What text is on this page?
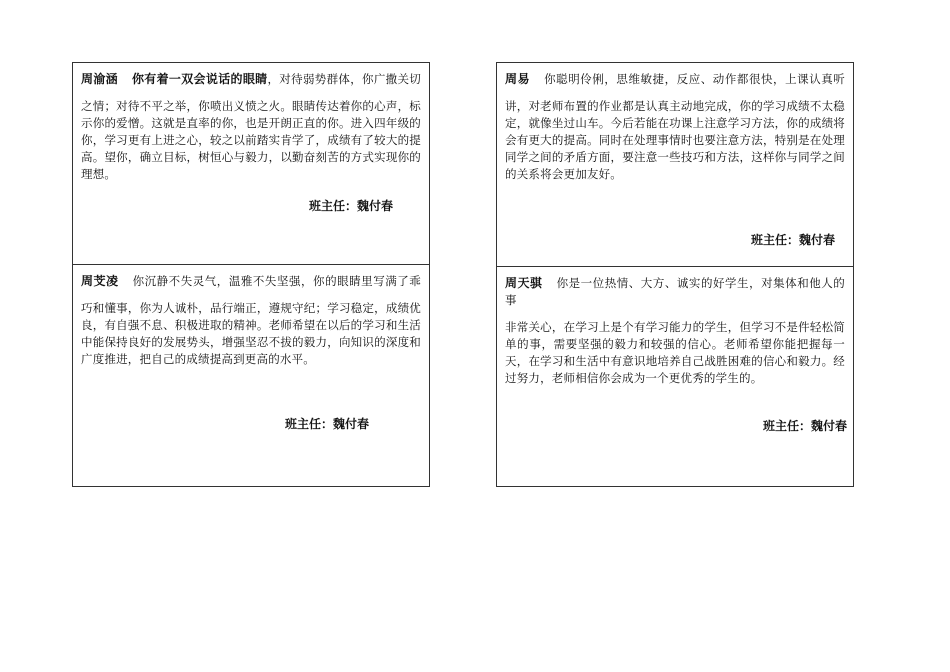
周渝涵 你有着一双会说话的眼睛，对待弱势群体，你广撒关切
之情；对待不平之举，你喷出义愤之火。眼睛传达着你的心声，标示你的爱憎。这就是直率的你，也是开朗正直的你。进入四年级的你，学习更有上进之心，较之以前踏实肯学了，成绩有了较大的提高。望你，确立目标，树恒心与毅力，以勤奋刻苦的方式实现你的理想。

班主任：魏付春

周芠凌 你沉静不失灵气，温雅不失坚强，你的眼睛里写满了乖
巧和懂事，你为人诚朴，品行端正，遵规守纪；学习稳定，成绩优良，有自强不息、积极进取的精神。老师希望在以后的学习和生活中能保持良好的发展势头，增强坚忍不拔的毅力，向知识的深度和广度推进，把自己的成绩提高到更高的水平。

班主任：魏付春

周易 你聪明伶俐，思维敏捷，反应、动作都很快，上课认真听
讲，对老师布置的作业都是认真主动地完成，你的学习成绩不太稳定，就像坐过山车。今后若能在功课上注意学习方法，你的成绩将会有更大的提高。同时在处理事情时也要注意方法，特别是在处理同学之间的矛盾方面，要注意一些技巧和方法，这样你与同学之间的关系将会更加友好。

班主任：魏付春

周天骐 你是一位热情、大方、诚实的好学生，对集体和他人的事
非常关心，在学习上是个有学习能力的学生，但学习不是件轻松简单的事，需要坚强的毅力和较强的信心。老师希望你能把握每一天，在学习和生活中有意识地培养自己战胜困难的信心和毅力。经过努力，老师相信你会成为一个更优秀的学生的。

班主任：魏付春
